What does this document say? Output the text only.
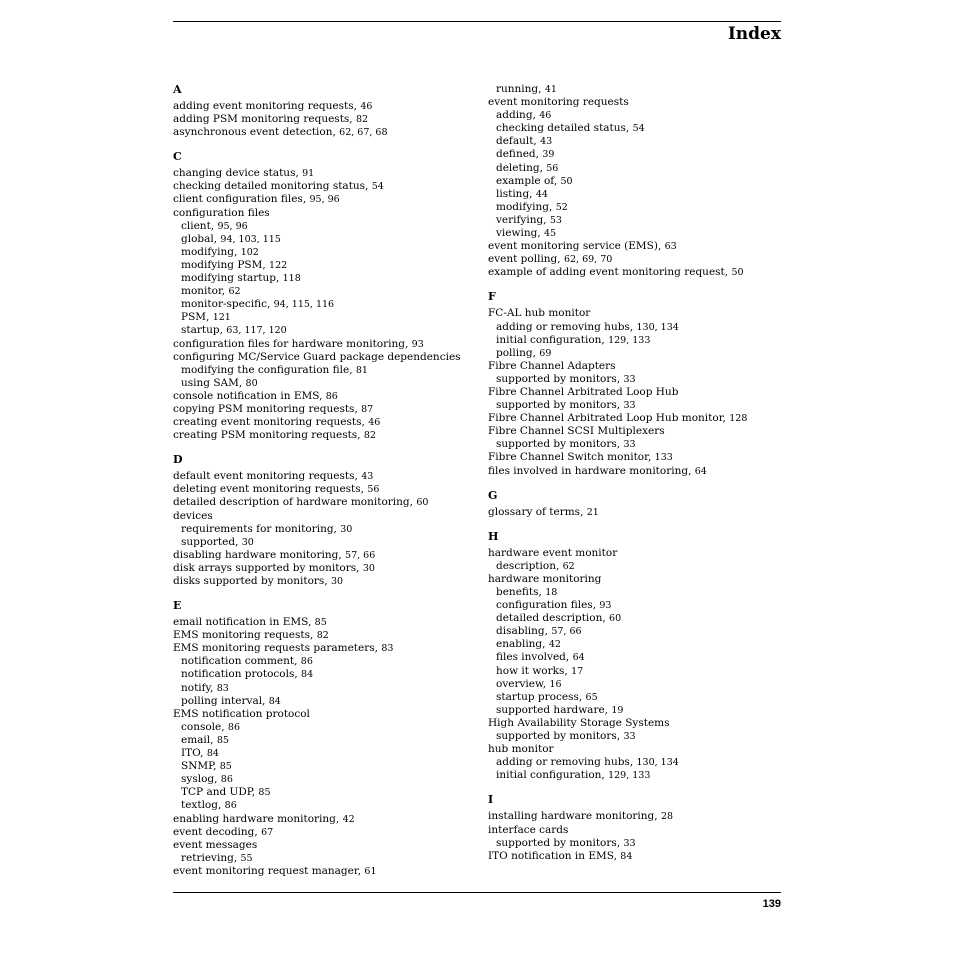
Index
A
adding event monitoring requests, 46
adding PSM monitoring requests, 82
asynchronous event detection, 62, 67, 68
C
changing device status, 91
checking detailed monitoring status, 54
client configuration files, 95, 96
configuration files
client, 95, 96
global, 94, 103, 115
modifying, 102
modifying PSM, 122
modifying startup, 118
monitor, 62
monitor-specific, 94, 115, 116
PSM, 121
startup, 63, 117, 120
configuration files for hardware monitoring, 93
configuring MC/Service Guard package dependencies
modifying the configuration file, 81
using SAM, 80
console notification in EMS, 86
copying PSM monitoring requests, 87
creating event monitoring requests, 46
creating PSM monitoring requests, 82
D
default event monitoring requests, 43
deleting event monitoring requests, 56
detailed description of hardware monitoring, 60
devices
requirements for monitoring, 30
supported, 30
disabling hardware monitoring, 57, 66
disk arrays supported by monitors, 30
disks supported by monitors, 30
E
email notification in EMS, 85
EMS monitoring requests, 82
EMS monitoring requests parameters, 83
notification comment, 86
notification protocols, 84
notify, 83
polling interval, 84
EMS notification protocol
console, 86
email, 85
ITO, 84
SNMP, 85
syslog, 86
TCP and UDP, 85
textlog, 86
enabling hardware monitoring, 42
event decoding, 67
event messages
retrieving, 55
event monitoring request manager, 61
running, 41
event monitoring requests
adding, 46
checking detailed status, 54
default, 43
defined, 39
deleting, 56
example of, 50
listing, 44
modifying, 52
verifying, 53
viewing, 45
event monitoring service (EMS), 63
event polling, 62, 69, 70
example of adding event monitoring request, 50
F
FC-AL hub monitor
adding or removing hubs, 130, 134
initial configuration, 129, 133
polling, 69
Fibre Channel Adapters
supported by monitors, 33
Fibre Channel Arbitrated Loop Hub
supported by monitors, 33
Fibre Channel Arbitrated Loop Hub monitor, 128
Fibre Channel SCSI Multiplexers
supported by monitors, 33
Fibre Channel Switch monitor, 133
files involved in hardware monitoring, 64
G
glossary of terms, 21
H
hardware event monitor
description, 62
hardware monitoring
benefits, 18
configuration files, 93
detailed description, 60
disabling, 57, 66
enabling, 42
files involved, 64
how it works, 17
overview, 16
startup process, 65
supported hardware, 19
High Availability Storage Systems
supported by monitors, 33
hub monitor
adding or removing hubs, 130, 134
initial configuration, 129, 133
I
installing hardware monitoring, 28
interface cards
supported by monitors, 33
ITO notification in EMS, 84
139
